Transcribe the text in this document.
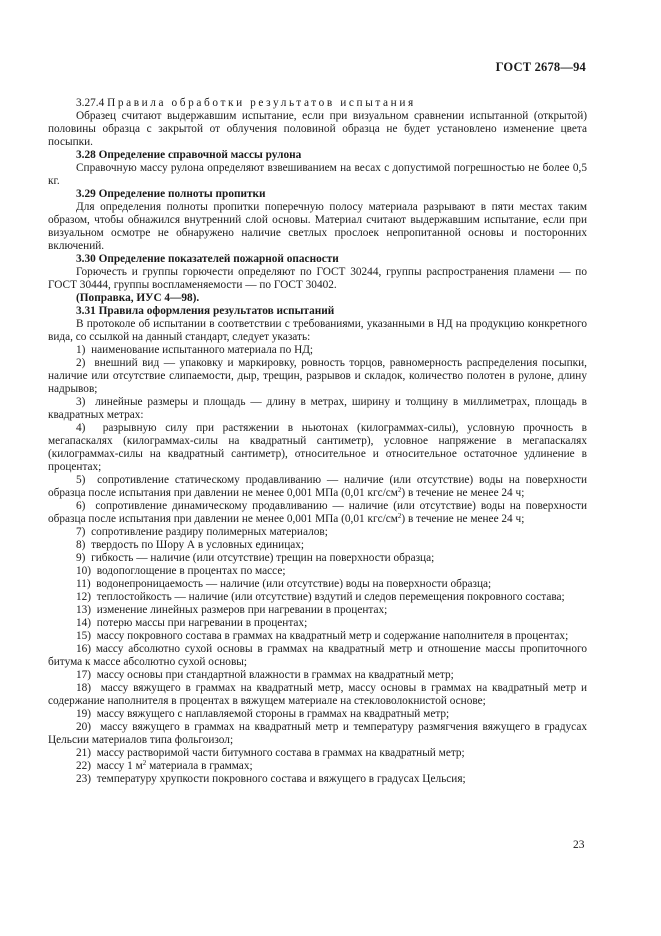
ГОСТ 2678—94

3.27.4 Правила обработки результатов испытания

Образец считают выдержавшим испытание, если при визуальном сравнении испытанной (открытой) половины образца с закрытой от облучения половиной образца не будет установлено изменение цвета посыпки.

3.28 Определение справочной массы рулона

Справочную массу рулона определяют взвешиванием на весах с допустимой погрешностью не более 0,5 кг.

3.29 Определение полноты пропитки

Для определения полноты пропитки поперечную полосу материала разрывают в пяти местах таким образом, чтобы обнажился внутренний слой основы. Материал считают выдержавшим испытание, если при визуальном осмотре не обнаружено наличие светлых прослоек непропитанной основы и посторонних включений.

3.30 Определение показателей пожарной опасности

Горючесть и группы горючести определяют по ГОСТ 30244, группы распространения пламени — по ГОСТ 30444, группы воспламеняемости — по ГОСТ 30402.

(Поправка, ИУС 4—98).

3.31 Правила оформления результатов испытаний

В протоколе об испытании в соответствии с требованиями, указанными в НД на продукцию конкретного вида, со ссылкой на данный стандарт, следует указать:

1) наименование испытанного материала по НД;

2) внешний вид — упаковку и маркировку, ровность торцов, равномерность распределения посыпки, наличие или отсутствие слипаемости, дыр, трещин, разрывов и складок, количество полотен в рулоне, длину надрывов;

3) линейные размеры и площадь — длину в метрах, ширину и толщину в миллиметрах, площадь в квадратных метрах:

4) разрывную силу при растяжении в ньютонах (килограммах-силы), условную прочность в мегапаскалях (килограммах-силы на квадратный сантиметр), условное напряжение в мегапаскалях (килограммах-силы на квадратный сантиметр), относительное и относительное остаточное удлинение в процентах;

5) сопротивление статическому продавливанию — наличие (или отсутствие) воды на поверхности образца после испытания при давлении не менее 0,001 МПа (0,01 кгс/$см^2$) в течение не менее 24 ч;

6) сопротивление динамическому продавливанию — наличие (или отсутствие) воды на поверхности образца после испытания при давлении не менее 0,001 МПа (0,01 кгс/$см^2$) в течение не менее 24 ч;

7) сопротивление раздиру полимерных материалов;

8) твердость по Шору А в условных единицах;

9) гибкость — наличие (или отсутствие) трещин на поверхности образца;

10) водопоглощение в процентах по массе;

11) водонепроницаемость — наличие (или отсутствие) воды на поверхности образца;

12) теплостойкость — наличие (или отсутствие) вздутий и следов перемещения покровного состава;

13) изменение линейных размеров при нагревании в процентах;

14) потерю массы при нагревании в процентах;

15) массу покровного состава в граммах на квадратный метр и содержание наполнителя в процентах;

16) массу абсолютно сухой основы в граммах на квадратный метр и отношение массы пропиточного битума к массе абсолютно сухой основы;

17) массу основы при стандартной влажности в граммах на квадратный метр;

18) массу вяжущего в граммах на квадратный метр, массу основы в граммах на квадратный метр и содержание наполнителя в процентах в вяжущем материале на стекловолокнистой основе;

19) массу вяжущего с наплавляемой стороны в граммах на квадратный метр;

20) массу вяжущего в граммах на квадратный метр и температуру размягчения вяжущего в градусах Цельсии материалов типа фольгоизол;

21) массу растворимой части битумного состава в граммах на квадратный метр;

22) массу 1 $м^2$ материала в граммах;

23) температуру хрупкости покровного состава и вяжущего в градусах Цельсия;

23
